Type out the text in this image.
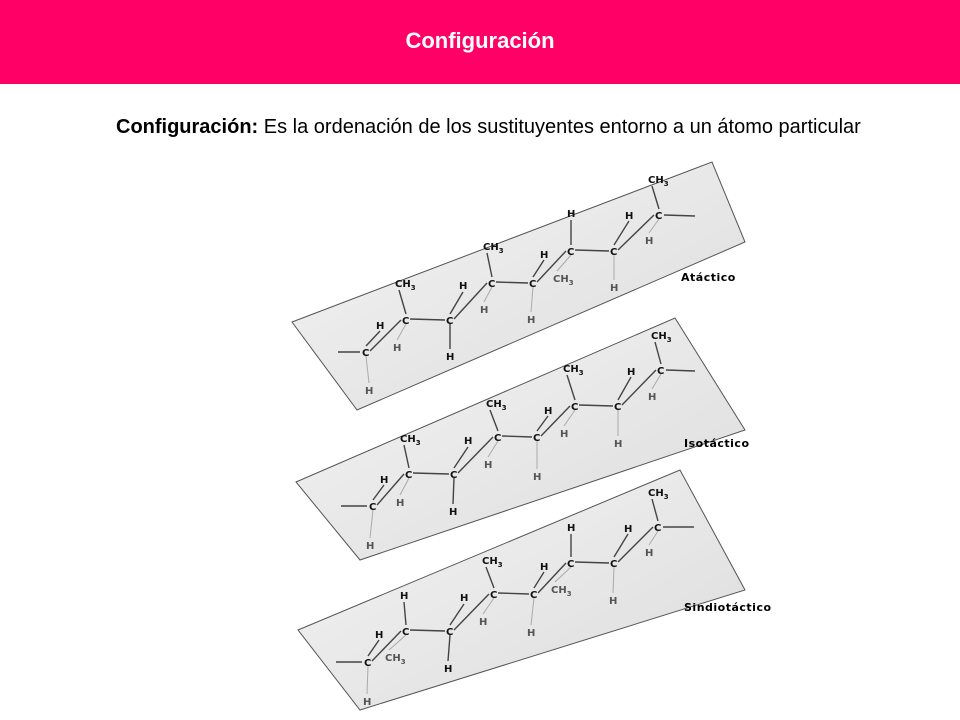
Configuración
Configuración: Es la ordenación de los sustituyentes entorno a un átomo particular
Atáctico
Isotáctico
Sindiotáctico
H
H
$CH_3$
H
H
H
$CH_3$
H
H
H
H
$CH_3$	H
H
$CH_3$
H
C
C	C
C	C
C	C
C
H
H
$CH_3$
H
H
H
$CH_3$
H
H
H
$CH_3$
H
H
H
$CH_3$
H
C
C	C
C	C
C	C
C
H
H
H
$CH_3$
H
H
$CH_3$
H
H
H
H
$CH_3$
H
H
$CH_3$
H
C
C	C
C	C
C	C
C
